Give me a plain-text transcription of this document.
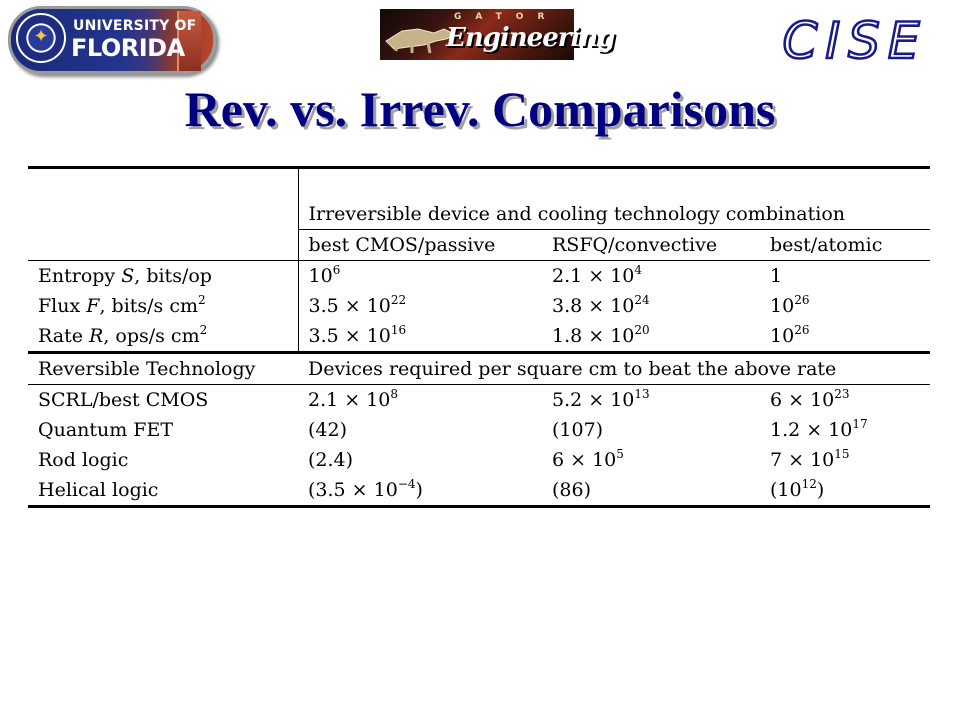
✦ UNIVERSITY OF
FLORIDA
GATOR
Engineering	CISE
Rev. vs. Irrev. Comparisons

	Irreversible device and cooling technology combination		
	best CMOS/passive	RSFQ/convective	best/atomic
Entropy S, bits/op	$10^6$	$2.1 \times 10^4$	1
Flux F, bits/s $cm^2$	$3.5 \times 10^{22}$	$3.8 \times 10^{24}$	$10^{26}$
Rate R, ops/s $cm^2$	$3.5 \times 10^{16}$	$1.8 \times 10^{20}$	$10^{26}$
Reversible Technology	Devices required per square cm to beat the above rate		
SCRL/best CMOS	$2.1 \times 10^8$	$5.2 \times 10^{13}$	$6 \times 10^{23}$
Quantum FET	(42)	(107)	$1.2 \times 10^{17}$
Rod logic	(2.4)	$6 \times 10^5$	$7 \times 10^{15}$
Helical logic	$(3.5 \times 10^{-4})$	(86)	$(10^{12})$
